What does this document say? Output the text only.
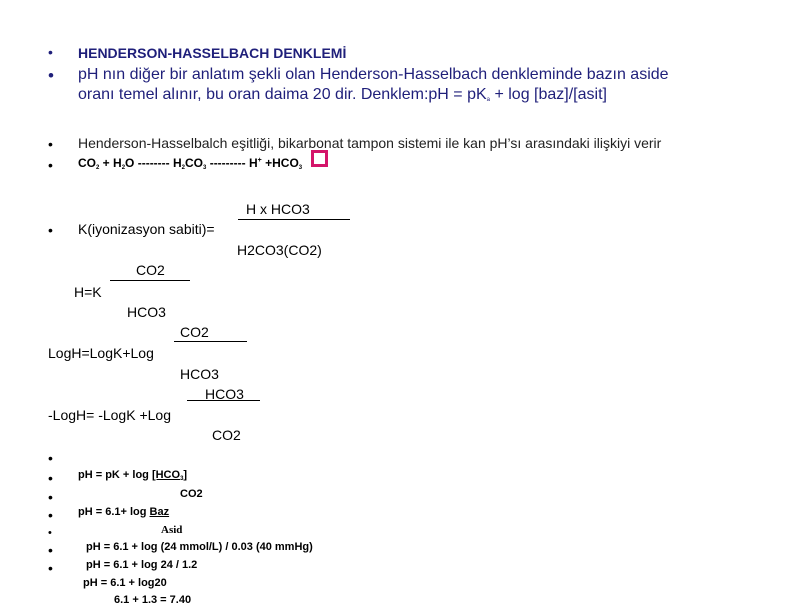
• HENDERSON-HASSELBACH DENKLEMİ
• pH nın diğer bir anlatım şekli olan Henderson-Hasselbach denkleminde bazın aside
oranı temel alınır, bu oran daima 20 dir. Denklem:pH = $pK_a + \log$ [baz]/[asit]
• Henderson-Hasselbalch eşitliği, bikarbonat tampon sistemi ile kan pH’sı arasındaki ilişkiyi verir
• $CO_2 + H_2O$ -------- $H_2CO_3$ --------- $H^+ +HCO_3$
H x HCO3
• K(iyonizasyon sabiti)=
H2CO3(CO2)
CO2
H=K
HCO3
CO2
LogH=LogK+Log
HCO3
HCO3
-LogH= -LogK +Log
CO2
•
• pH = pK + $\log [HCO_3]$
•	CO2
• pH = 6.1+ log Baz
•	Asid
•	pH = 6.1 + log (24 mmol/L) / 0.03 (40 mmHg)
•	pH = 6.1 + log 24 / 1.2
pH = 6.1 + log20
6.1 + 1.3 = 7.40
